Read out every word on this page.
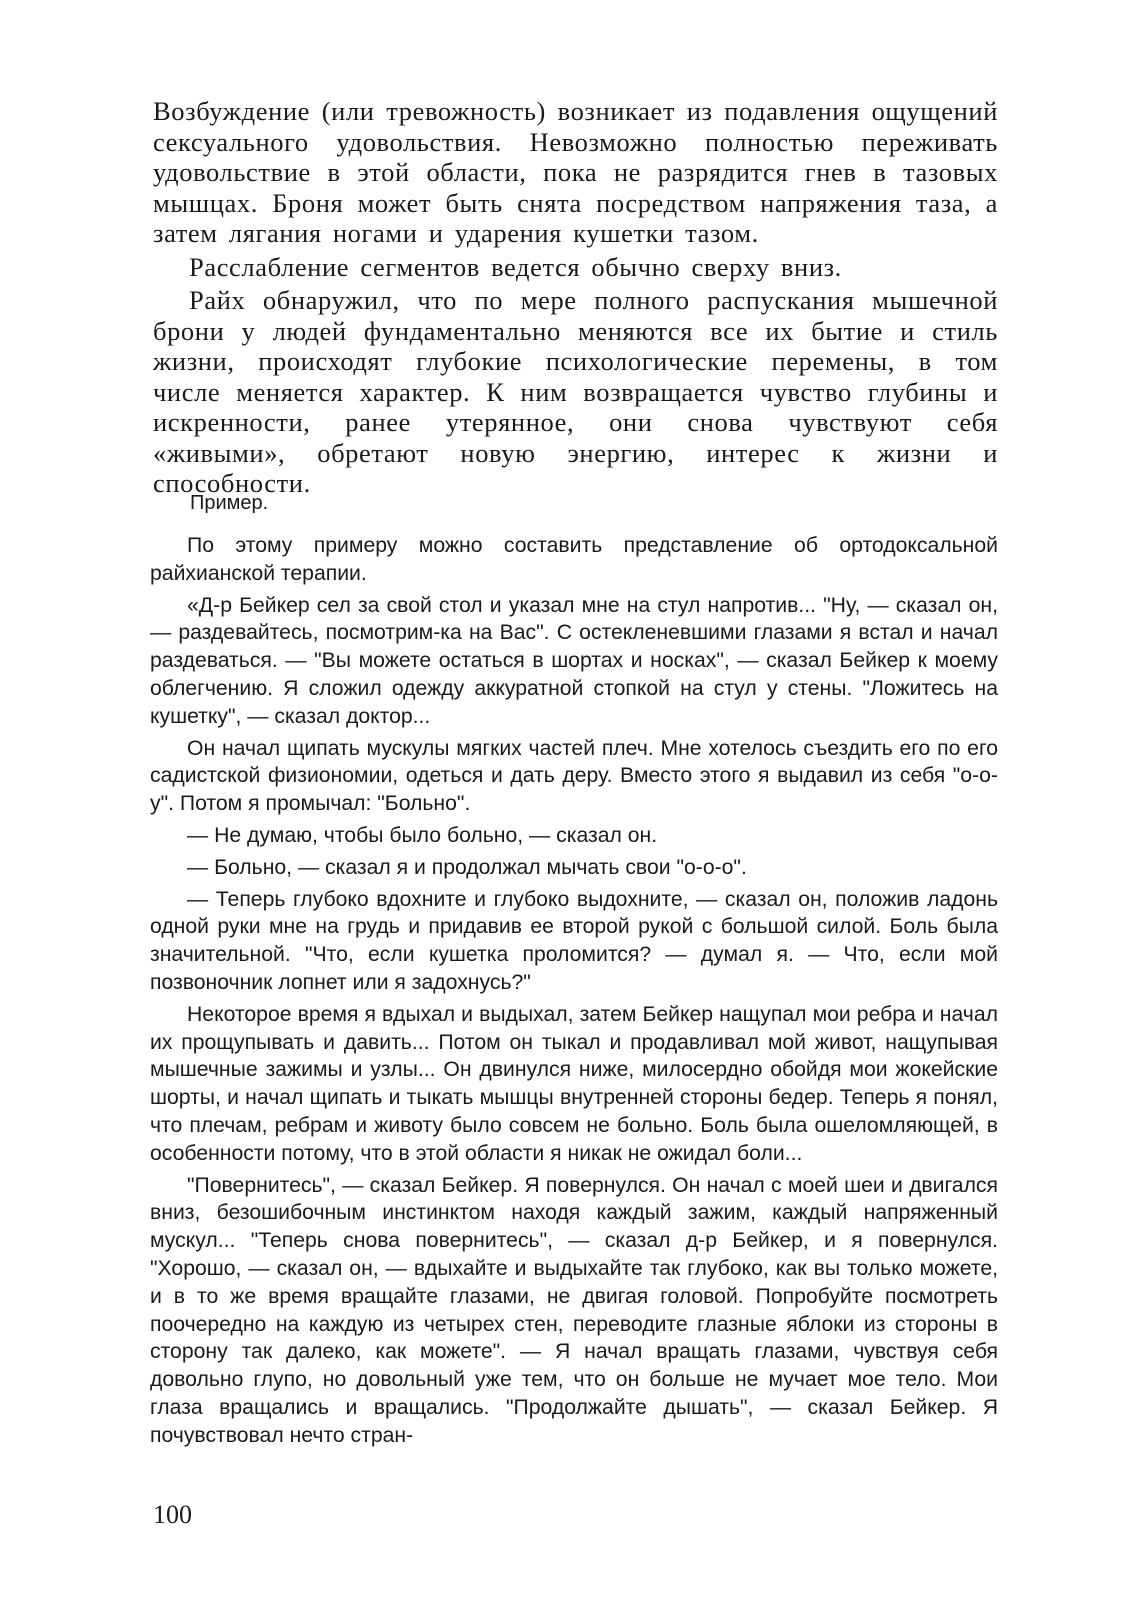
Возбуждение (или тревожность) возникает из подавления ощущений сексуального удовольствия. Невозможно полностью переживать удовольствие в этой области, пока не разрядится гнев в тазовых мышцах. Броня может быть снята посредством напряжения таза, а затем лягания ногами и ударения кушетки тазом.

Расслабление сегментов ведется обычно сверху вниз.

Райх обнаружил, что по мере полного распускания мышечной брони у людей фундаментально меняются все их бытие и стиль жизни, происходят глубокие психологические перемены, в том числе меняется характер. К ним возвращается чувство глубины и искренности, ранее утерянное, они снова чувствуют себя «живыми», обретают новую энергию, интерес к жизни и способности.

Пример.

По этому примеру можно составить представление об ортодоксальной райхианской терапии.

«Д-р Бейкер сел за свой стол и указал мне на стул напротив... "Ну, — сказал он, — раздевайтесь, посмотрим-ка на Вас". С остекленевшими глазами я встал и начал раздеваться. — "Вы можете остаться в шортах и носках", — сказал Бейкер к моему облегчению. Я сложил одежду аккуратной стопкой на стул у стены. "Ложитесь на кушетку", — сказал доктор...

Он начал щипать мускулы мягких частей плеч. Мне хотелось съездить его по его садистской физиономии, одеться и дать деру. Вместо этого я выдавил из себя "о-о-у". Потом я промычал: "Больно".

— Не думаю, чтобы было больно, — сказал он.

— Больно, — сказал я и продолжал мычать свои "о-о-о".

— Теперь глубоко вдохните и глубоко выдохните, — сказал он, положив ладонь одной руки мне на грудь и придавив ее второй рукой с большой силой. Боль была значительной. "Что, если кушетка проломится? — думал я. — Что, если мой позвоночник лопнет или я задохнусь?"

Некоторое время я вдыхал и выдыхал, затем Бейкер нащупал мои ребра и начал их прощупывать и давить... Потом он тыкал и продавливал мой живот, нащупывая мышечные зажимы и узлы... Он двинулся ниже, милосердно обойдя мои жокейские шорты, и начал щипать и тыкать мышцы внутренней стороны бедер. Теперь я понял, что плечам, ребрам и животу было совсем не больно. Боль была ошеломляющей, в особенности потому, что в этой области я никак не ожидал боли...

"Повернитесь", — сказал Бейкер. Я повернулся. Он начал с моей шеи и двигался вниз, безошибочным инстинктом находя каждый зажим, каждый напряженный мускул... "Теперь снова повернитесь", — сказал д-р Бейкер, и я повернулся. "Хорошо, — сказал он, — вдыхайте и выдыхайте так глубоко, как вы только можете, и в то же время вращайте глазами, не двигая головой. Попробуйте посмотреть поочередно на каждую из четырех стен, переводите глазные яблоки из стороны в сторону так далеко, как можете". — Я начал вращать глазами, чувствуя себя довольно глупо, но довольный уже тем, что он больше не мучает мое тело. Мои глаза вращались и вращались. "Продолжайте дышать", — сказал Бейкер. Я почувствовал нечто стран-

100
